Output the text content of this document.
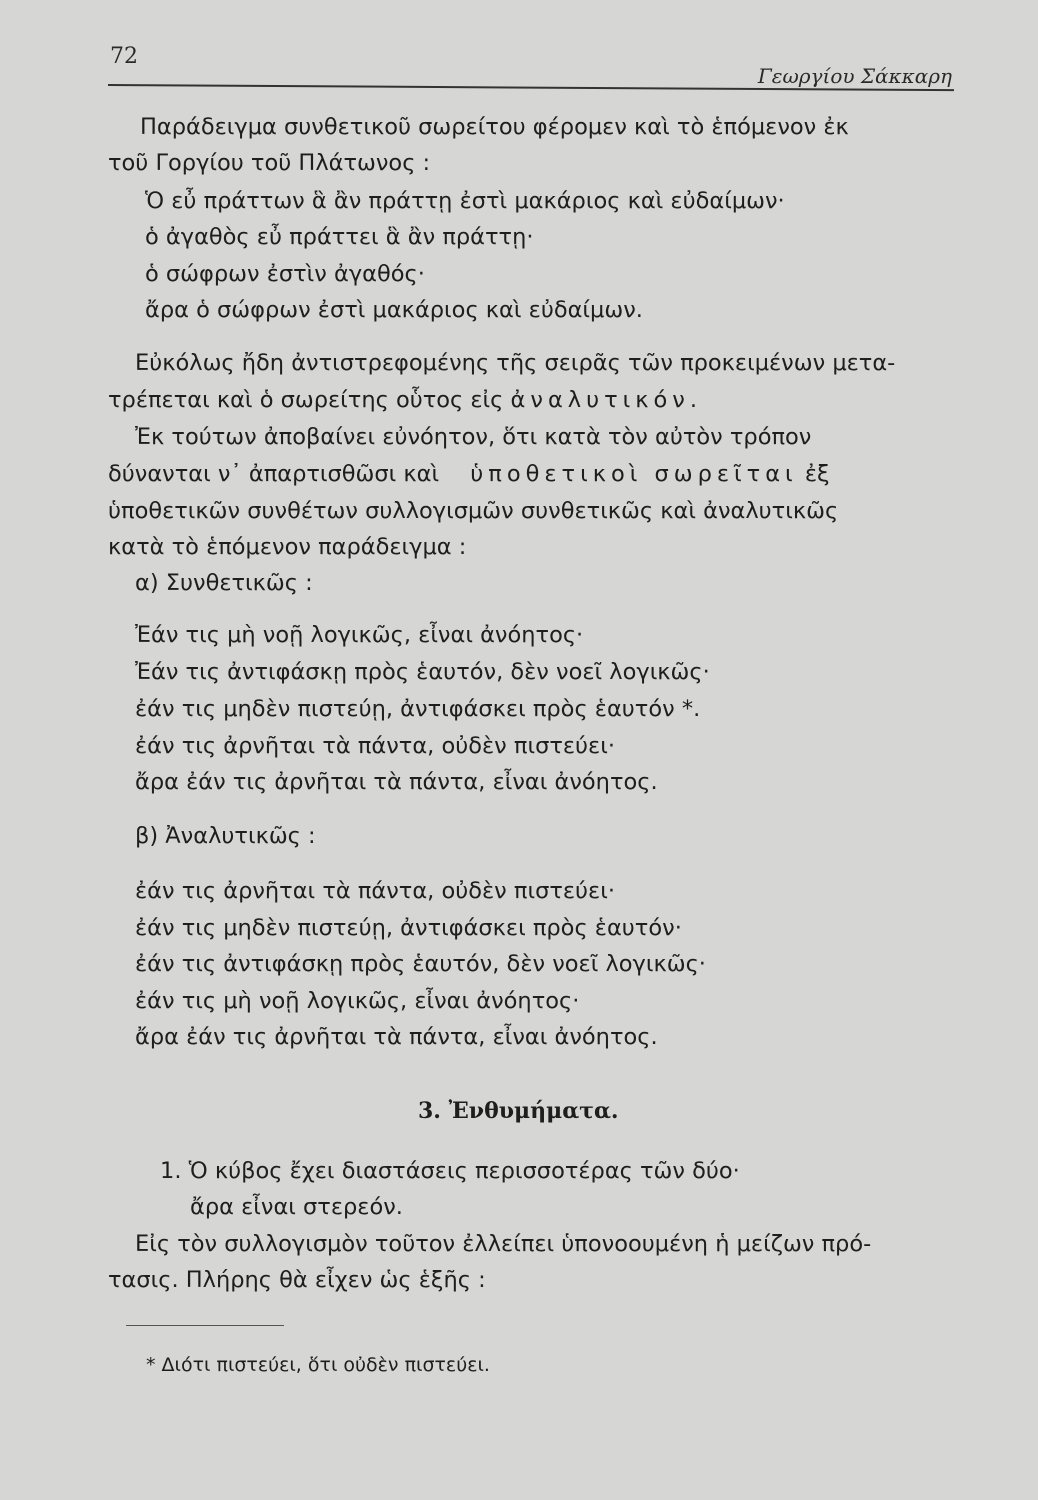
72
Γεωργίου Σάκκαρη
Παράδειγμα συνθετικοῦ σωρείτου φέρομεν καὶ τὸ ἑπόμενον ἐκ
τοῦ Γοργίου τοῦ Πλάτωνος :
Ὁ εὖ πράττων ἃ ἂν πράττῃ ἐστὶ μακάριος καὶ εὐδαίμων·
ὁ ἀγαθὸς εὖ πράττει ἃ ἂν πράττῃ·
ὁ σώφρων ἐστὶν ἀγαθός·
ἄρα ὁ σώφρων ἐστὶ μακάριος καὶ εὐδαίμων.
Εὐκόλως ἤδη ἀντιστρεφομένης τῆς σειρᾶς τῶν προκειμένων μετα-
τρέπεται καὶ ὁ σωρείτης οὗτος εἰς ἀναλυτικόν.
Ἐκ τούτων ἀποβαίνει εὐνόητον, ὅτι κατὰ τὸν αὐτὸν τρόπον
δύνανται ν᾽ ἀπαρτισθῶσι καὶ ὑποθετικοὶ σωρεῖται ἐξ
ὑποθετικῶν συνθέτων συλλογισμῶν συνθετικῶς καὶ ἀναλυτικῶς
κατὰ τὸ ἑπόμενον παράδειγμα :
α) Συνθετικῶς :
Ἐάν τις μὴ νοῇ λογικῶς, εἶναι ἀνόητος·
Ἐάν τις ἀντιφάσκῃ πρὸς ἑαυτόν, δὲν νοεῖ λογικῶς·
ἐάν τις μηδὲν πιστεύῃ, ἀντιφάσκει πρὸς ἑαυτόν *.
ἐάν τις ἀρνῆται τὰ πάντα, οὐδὲν πιστεύει·
ἄρα ἐάν τις ἀρνῆται τὰ πάντα, εἶναι ἀνόητος.
β) Ἀναλυτικῶς :
ἐάν τις ἀρνῆται τὰ πάντα, οὐδὲν πιστεύει·
ἐάν τις μηδὲν πιστεύῃ, ἀντιφάσκει πρὸς ἑαυτόν·
ἐάν τις ἀντιφάσκῃ πρὸς ἑαυτόν, δὲν νοεῖ λογικῶς·
ἐάν τις μὴ νοῇ λογικῶς, εἶναι ἀνόητος·
ἄρα ἐάν τις ἀρνῆται τὰ πάντα, εἶναι ἀνόητος.
3. Ἐνθυμήματα.
1. Ὁ κύβος ἔχει διαστάσεις περισσοτέρας τῶν δύο·
ἄρα εἶναι στερεόν.
Εἰς τὸν συλλογισμὸν τοῦτον ἐλλείπει ὑπονοουμένη ἡ μείζων πρό-
τασις. Πλήρης θὰ εἶχεν ὡς ἑξῆς :
* Διότι πιστεύει, ὅτι οὐδὲν πιστεύει.
